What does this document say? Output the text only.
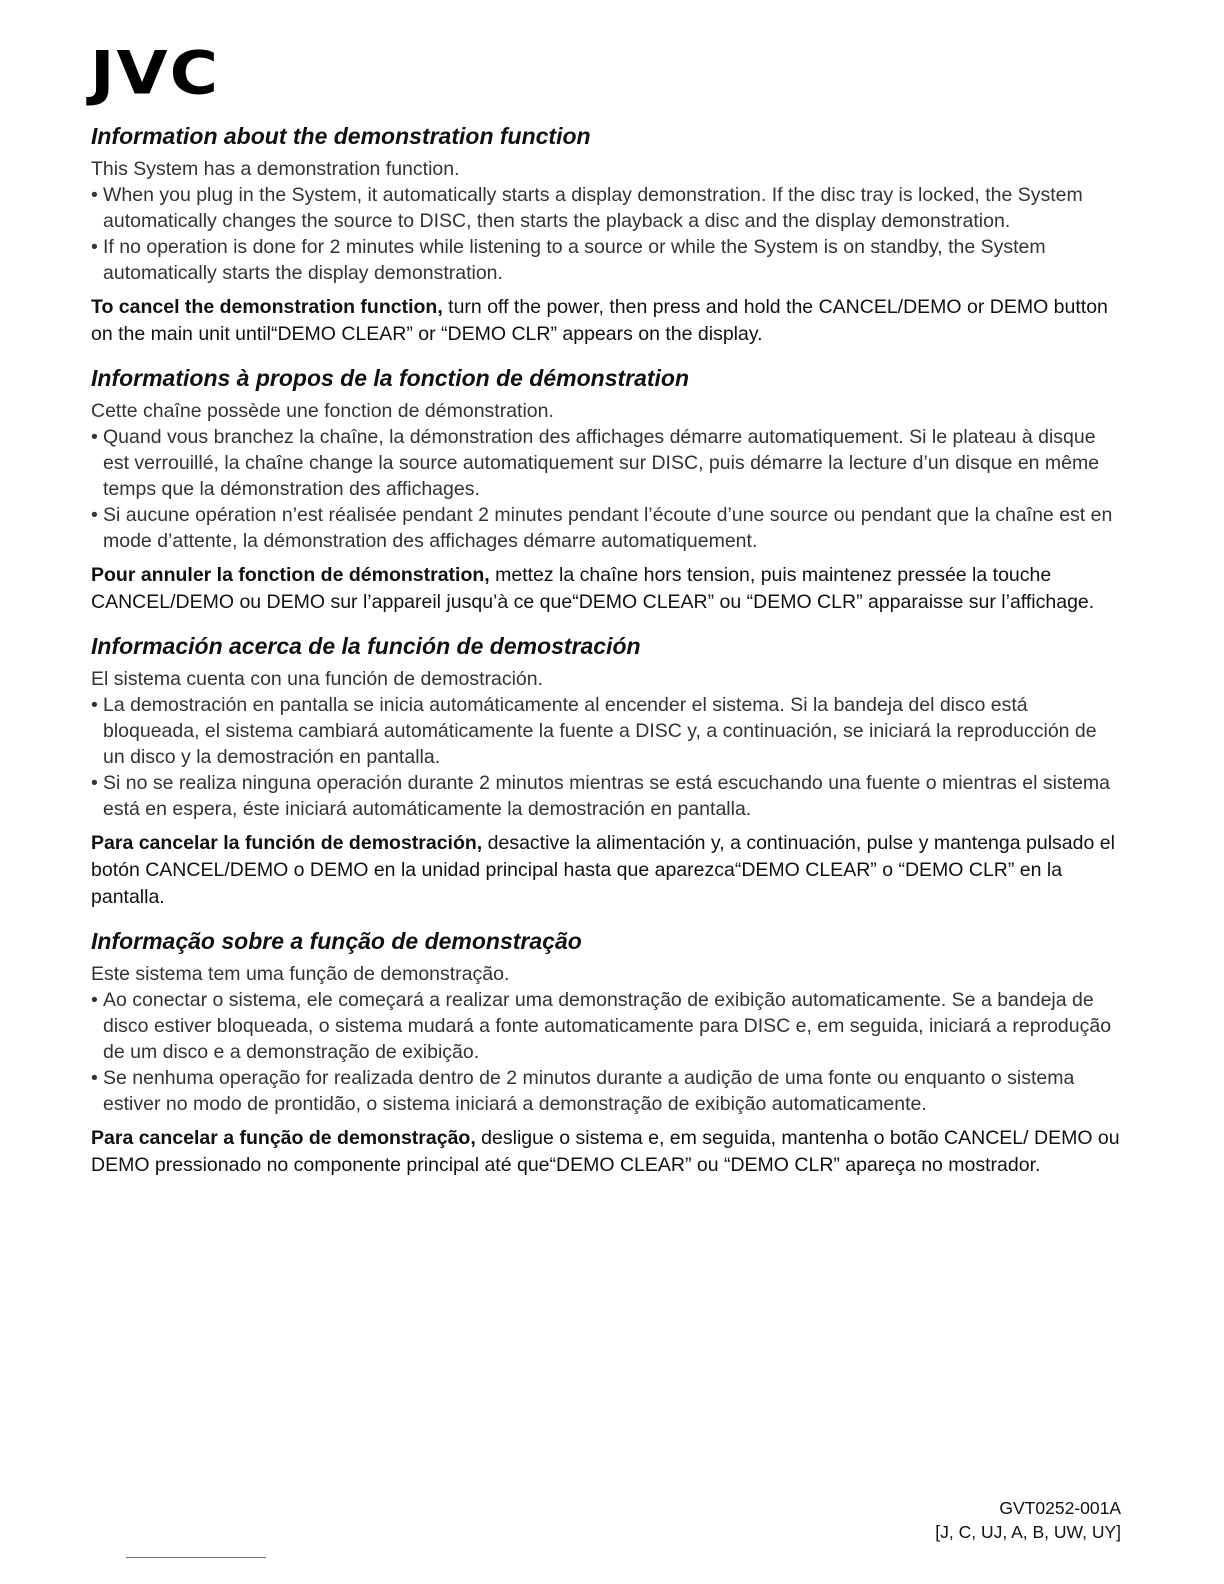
JVC
Information about the demonstration function
This System has a demonstration function.
• When you plug in the System, it automatically starts a display demonstration. If the disc tray is locked, the System automatically changes the source to DISC, then starts the playback a disc and the display demonstration.
• If no operation is done for 2 minutes while listening to a source or while the System is on standby, the System automatically starts the display demonstration.
To cancel the demonstration function, turn off the power, then press and hold the CANCEL/DEMO or DEMO button on the main unit until“DEMO CLEAR” or “DEMO CLR” appears on the display.
Informations à propos de la fonction de démonstration
Cette chaîne possède une fonction de démonstration.
• Quand vous branchez la chaîne, la démonstration des affichages démarre automatiquement. Si le plateau à disque est verrouillé, la chaîne change la source automatiquement sur DISC, puis démarre la lecture d’un disque en même temps que la démonstration des affichages.
• Si aucune opération n’est réalisée pendant 2 minutes pendant l’écoute d’une source ou pendant que la chaîne est en mode d’attente, la démonstration des affichages démarre automatiquement.
Pour annuler la fonction de démonstration, mettez la chaîne hors tension, puis maintenez pressée la touche CANCEL/DEMO ou DEMO sur l’appareil jusqu’à ce que“DEMO CLEAR” ou “DEMO CLR” apparaisse sur l’affichage.
Información acerca de la función de demostración
El sistema cuenta con una función de demostración.
• La demostración en pantalla se inicia automáticamente al encender el sistema. Si la bandeja del disco está bloqueada, el sistema cambiará automáticamente la fuente a DISC y, a continuación, se iniciará la reproducción de un disco y la demostración en pantalla.
• Si no se realiza ninguna operación durante 2 minutos mientras se está escuchando una fuente o mientras el sistema está en espera, éste iniciará automáticamente la demostración en pantalla.
Para cancelar la función de demostración, desactive la alimentación y, a continuación, pulse y mantenga pulsado el botón CANCEL/DEMO o DEMO en la unidad principal hasta que aparezca“DEMO CLEAR” o “DEMO CLR” en la pantalla.
Informação sobre a função de demonstração
Este sistema tem uma função de demonstração.
• Ao conectar o sistema, ele começará a realizar uma demonstração de exibição automaticamente. Se a bandeja de disco estiver bloqueada, o sistema mudará a fonte automaticamente para DISC e, em seguida, iniciará a reprodução de um disco e a demonstração de exibição.
• Se nenhuma operação for realizada dentro de 2 minutos durante a audição de uma fonte ou enquanto o sistema estiver no modo de prontidão, o sistema iniciará a demonstração de exibição automaticamente.
Para cancelar a função de demonstração, desligue o sistema e, em seguida, mantenha o botão CANCEL/ DEMO ou DEMO pressionado no componente principal até que“DEMO CLEAR” ou “DEMO CLR” apareça no mostrador.
GVT0252-001A
[J, C, UJ, A, B, UW, UY]
